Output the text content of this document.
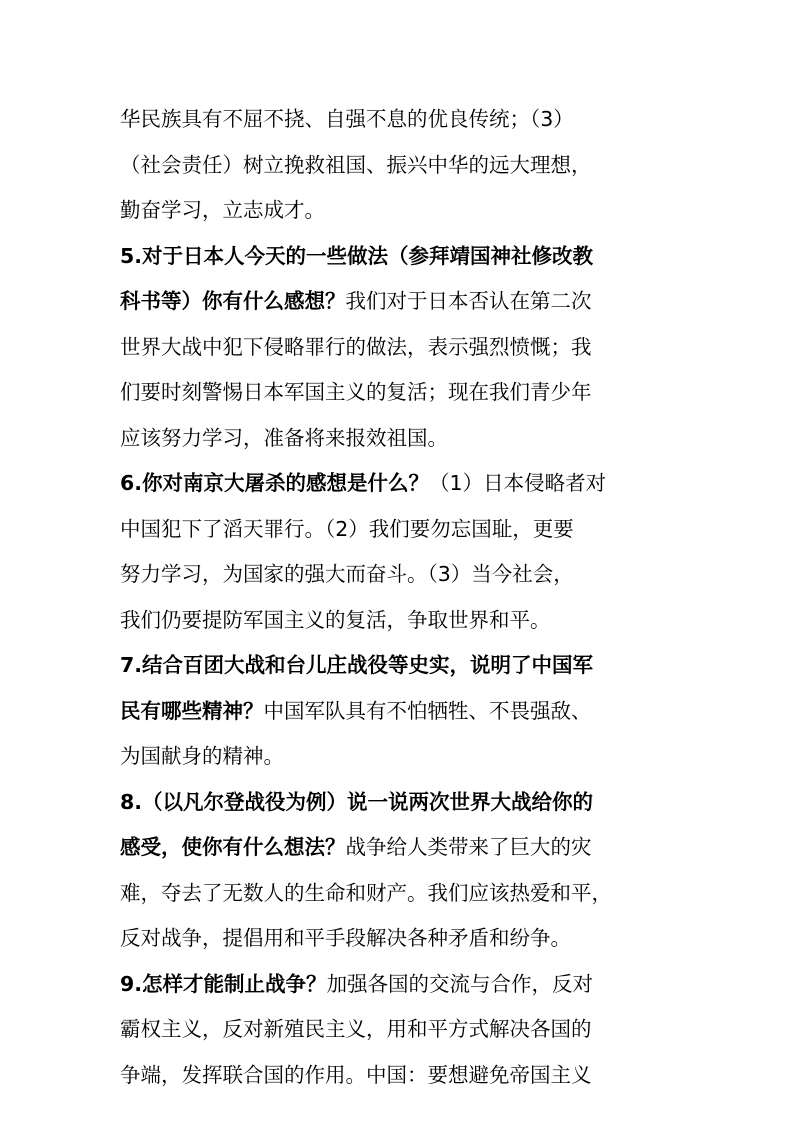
华民族具有不屈不挠、自强不息的优良传统；（3）
（社会责任）树立挽救祖国、振兴中华的远大理想，
勤奋学习，立志成才。
5.对于日本人今天的一些做法（参拜靖国神社修改教
科书等）你有什么感想？我们对于日本否认在第二次
世界大战中犯下侵略罪行的做法，表示强烈愤慨；我
们要时刻警惕日本军国主义的复活；现在我们青少年
应该努力学习，准备将来报效祖国。
6.你对南京大屠杀的感想是什么？（1）日本侵略者对
中国犯下了滔天罪行。（2）我们要勿忘国耻，更要
努力学习，为国家的强大而奋斗。（3）当今社会，
我们仍要提防军国主义的复活，争取世界和平。
7.结合百团大战和台儿庄战役等史实，说明了中国军
民有哪些精神？中国军队具有不怕牺牲、不畏强敌、
为国献身的精神。
8.（以凡尔登战役为例）说一说两次世界大战给你的
感受，使你有什么想法？战争给人类带来了巨大的灾
难，夺去了无数人的生命和财产。我们应该热爱和平，
反对战争，提倡用和平手段解决各种矛盾和纷争。
9.怎样才能制止战争？加强各国的交流与合作，反对
霸权主义，反对新殖民主义，用和平方式解决各国的
争端，发挥联合国的作用。中国：要想避免帝国主义
